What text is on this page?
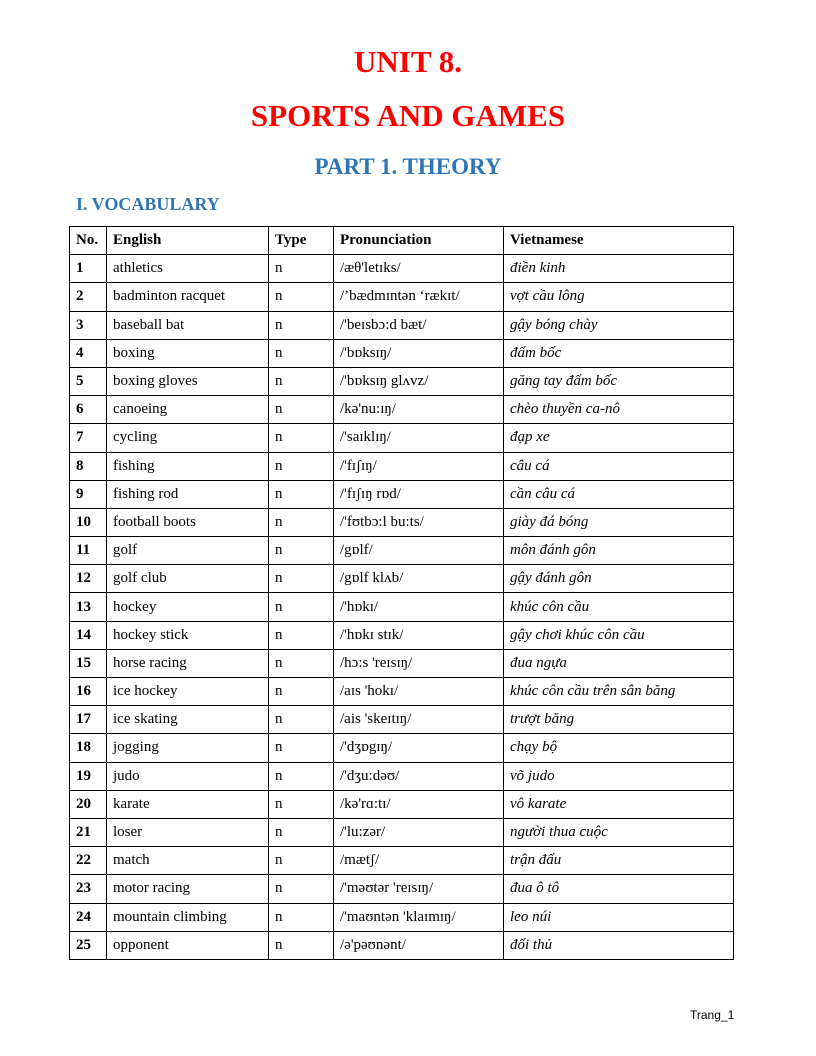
UNIT 8.
SPORTS AND GAMES
PART 1. THEORY
I. VOCABULARY
No.	English	Type	Pronunciation	Vietnamese
1	athletics	n	/æθ'letɪks/	điền kinh
2	badminton racquet	n	/’bædmɪntən ‘rækɪt/	vợt cầu lông
3	baseball bat	n	/'beɪsbɔ:d bæt/	gậy bóng chày
4	boxing	n	/'bɒksɪŋ/	đấm bốc
5	boxing gloves	n	/'bɒksɪŋ glʌvz/	găng tay đấm bốc
6	canoeing	n	/kə'nu:ɪŋ/	chèo thuyền ca-nô
7	cycling	n	/'saɪklɪŋ/	đạp xe
8	fishing	n	/'fɪʃɪŋ/	câu cá
9	fishing rod	n	/'fɪʃɪŋ rɒd/	cần câu cá
10	football boots	n	/'fʊtbɔ:l bu:ts/	giày đá bóng
11	golf	n	/gɒlf/	môn đánh gôn
12	golf club	n	/gɒlf klʌb/	gậy đánh gôn
13	hockey	n	/'hɒkɪ/	khúc côn cầu
14	hockey stick	n	/'hɒkɪ stɪk/	gậy chơi khúc côn cầu
15	horse racing	n	/hɔ:s 'reɪsɪŋ/	đua ngựa
16	ice hockey	n	/aɪs 'hokɪ/	khúc côn cầu trên sân băng
17	ice skating	n	/ais 'skeɪtɪŋ/	trượt băng
18	jogging	n	/'dʒɒgɪŋ/	chạy bộ
19	judo	n	/'dʒu:dəʊ/	võ judo
20	karate	n	/kə'rɑ:tɪ/	vô karate
21	loser	n	/'lu:zər/	người thua cuộc
22	match	n	/mætʃ/	trận đấu
23	motor racing	n	/'məʊtər 'reɪsɪŋ/	đua ô tô
24	mountain climbing	n	/'maʊntən 'klaɪmɪŋ/	leo núi
25	opponent	n	/ə'pəʊnənt/	đối thủ
Trang_1
